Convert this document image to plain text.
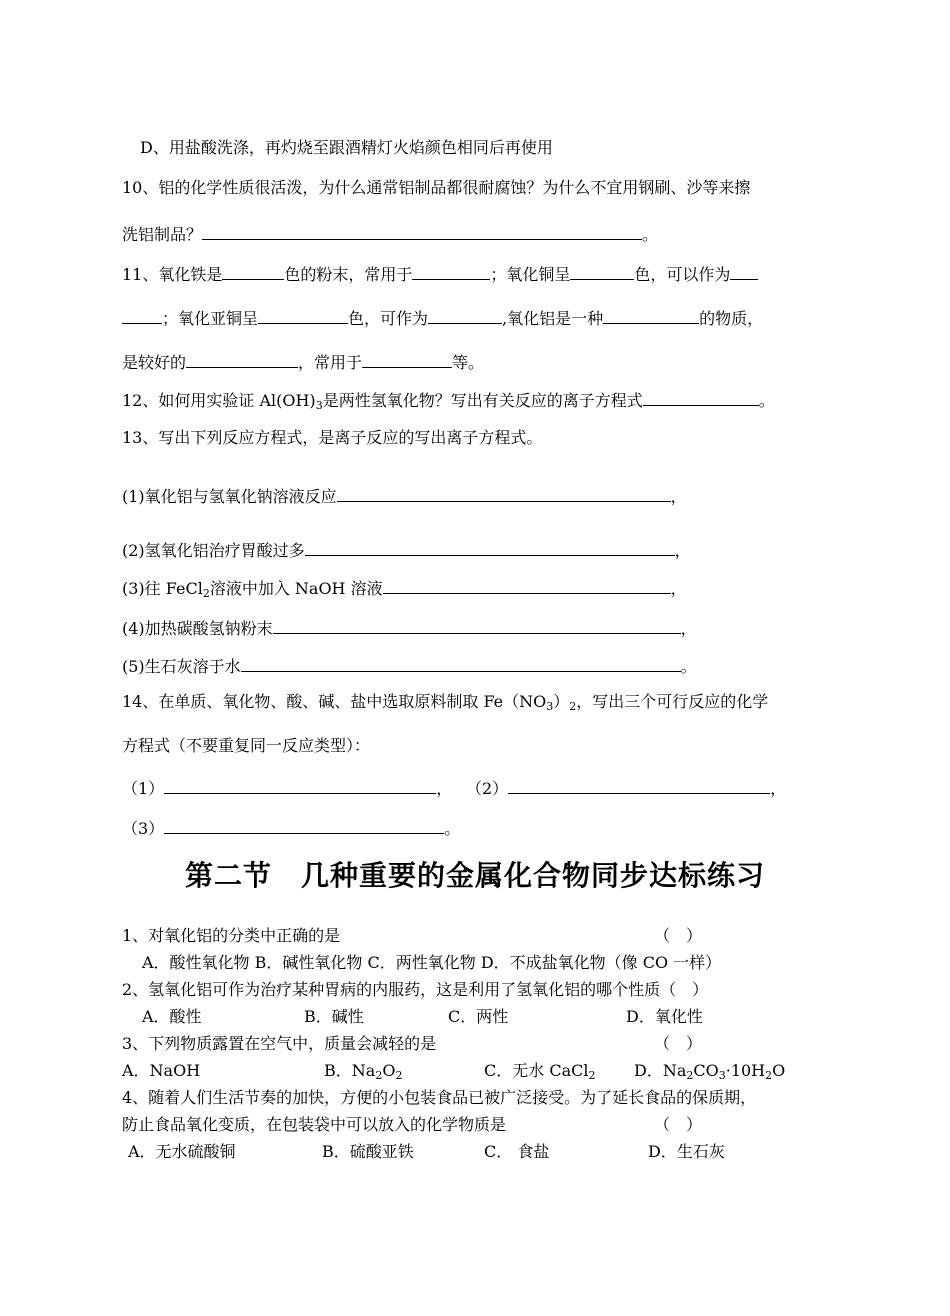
D、用盐酸洗涤，再灼烧至跟酒精灯火焰颜色相同后再使用
10、铝的化学性质很活泼，为什么通常铝制品都很耐腐蚀？为什么不宜用钢刷、沙等来擦
洗铝制品？	。
11、氧化铁是	色的粉末，常用于	；氧化铜呈	色，可以作为
；氧化亚铜呈	色，可作为	,氧化铝是一种	的物质，
是较好的	，常用于	等。
12、如何用实验证 $Al(OH)_3$是两性氢氧化物？写出有关反应的离子方程式	。
13、写出下列反应方程式，是离子反应的写出离子方程式。
(1)氧化铝与氢氧化钠溶液反应	，
(2)氢氧化铝治疗胃酸过多	，
(3)往 FeCl$_2$溶液中加入 NaOH 溶液	，
(4)加热碳酸氢钠粉末	，
(5)生石灰溶于水	。
14、在单质、氧化物、酸、碱、盐中选取原料制取 $Fe(NO_3)_2$，写出三个可行反应的化学
方程式（不要重复同一反应类型）：
（1）	， （2）	，
（3）	。
第二节　几种重要的金属化合物同步达标练习
1、对氧化铝的分类中正确的是	（　）
A．酸性氧化物 B．碱性氧化物 C．两性氧化物 D．不成盐氧化物（像 CO 一样）
2、氢氧化铝可作为治疗某种胃病的内服药，这是利用了氢氧化铝的哪个性质（　）
A．酸性	B．碱性	C．两性	D．氧化性
3、下列物质露置在空气中，质量会减轻的是	（　）
A．NaOH	B．$Na_2O_2$	C．无水 CaCl$_2$ D．$Na_2CO_3\cdot 10H_2O$
4、随着人们生活节奏的加快，方便的小包装食品已被广泛接受。为了延长食品的保质期，
防止食品氧化变质，在包装袋中可以放入的化学物质是	（　）
A．无水硫酸铜	B．硫酸亚铁	C． 食盐	D．生石灰
